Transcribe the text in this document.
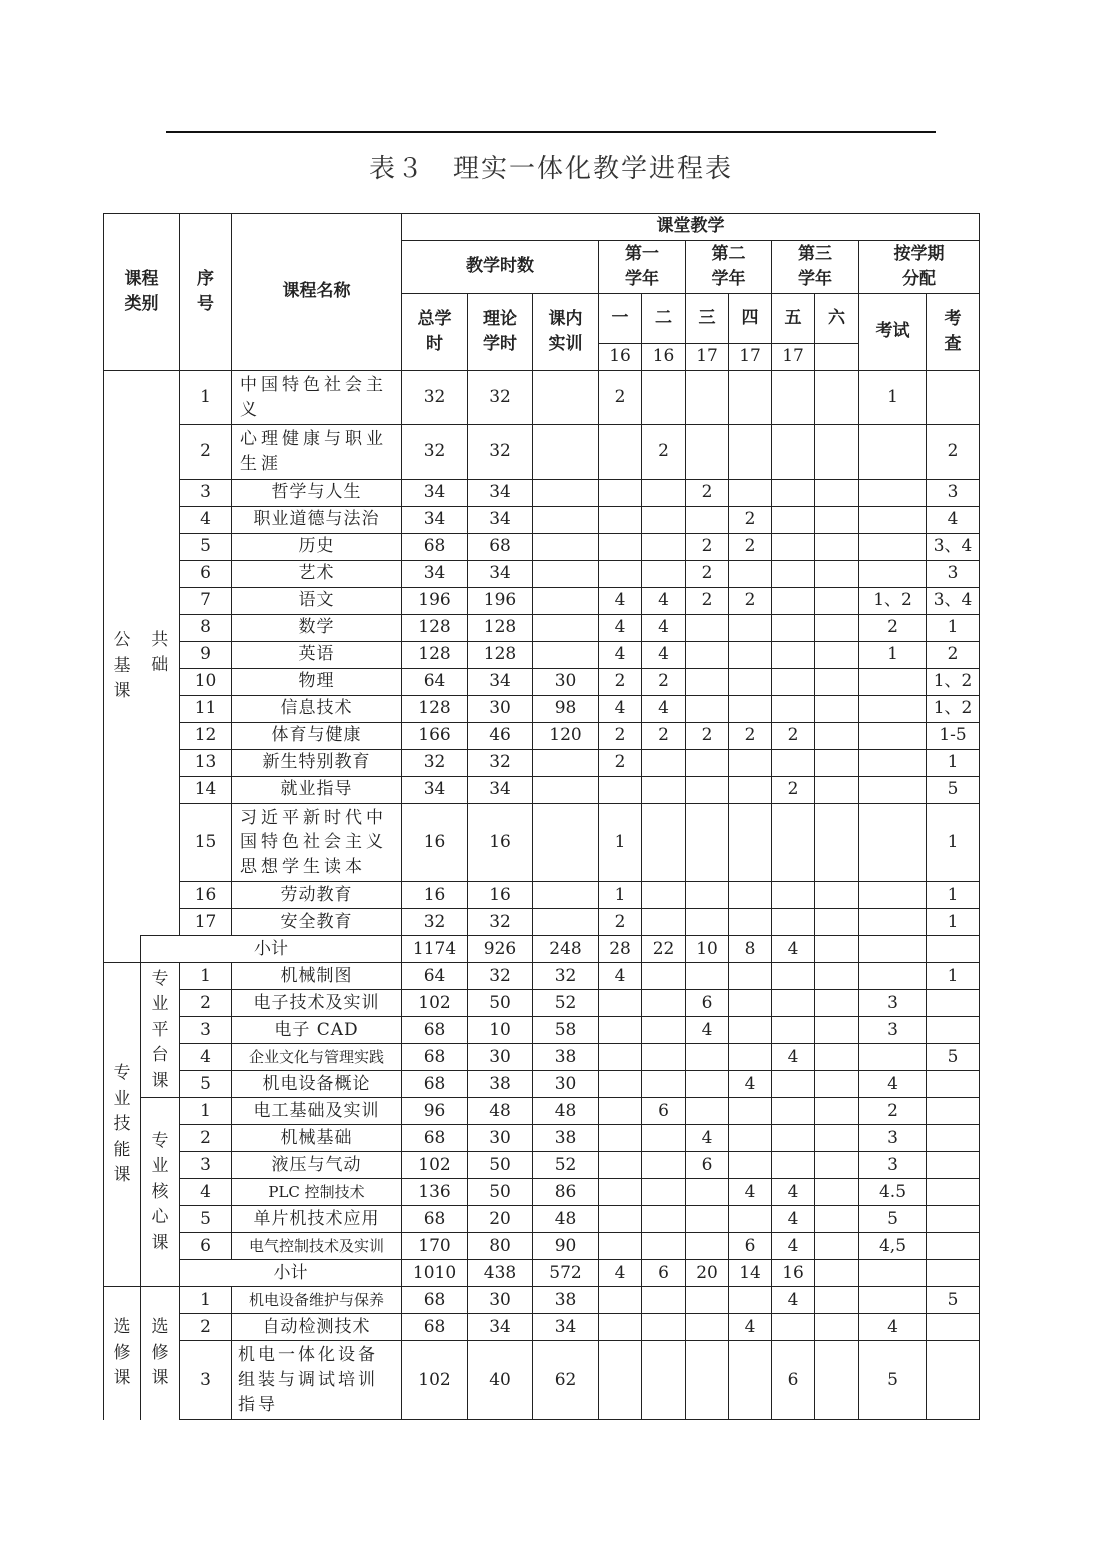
表３　理实一体化教学进程表
课程类别		序号	课程名称	课堂教学										
				教学时数			第一学年		第二学年		第三学年		按学期分配	
				总学时	理论学时	课内实训	一	二	三	四	五	六	考试	考查
							16	16	17	17	17			
公基课	共础	1	中国特色社会主义	32	32		2						1	
		2	心理健康与职业生涯	32	32			2						2
		3	哲学与人生	34	34				2					3
		4	职业道德与法治	34	34					2				4
		5	历史	68	68				2	2				3、4
		6	艺术	34	34				2					3
		7	语文	196	196		4	4	2	2			1、2	3、4
		8	数学	128	128		4	4					2	1
		9	英语	128	128		4	4					1	2
		10	物理	64	34	30	2	2						1、2
		11	信息技术	128	30	98	4	4						1、2
		12	体育与健康	166	46	120	2	2	2	2	2			1-5
		13	新生特别教育	32	32		2							1
		14	就业指导	34	34						2			5
		15	习近平新时代中国特色社会主义思想学生读本	16	16		1							1
		16	劳动教育	16	16		1							1
		17	安全教育	32	32		2							1
	小计			1174	926	248	28	22	10	8	4			
专业技能课	专业平台课	1	机械制图	64	32	32	4							1
		2	电子技术及实训	102	50	52			6				3	
		3	电子 CAD	68	10	58			4				3	
		4	企业文化与管理实践	68	30	38					4			5
		5	机电设备概论	68	38	30				4			4	
	专业核心课	1	电工基础及实训	96	48	48		6					2	
		2	机械基础	68	30	38			4				3	
		3	液压与气动	102	50	52			6				3	
		4	PLC 控制技术	136	50	86				4	4		4.5	
		5	单片机技术应用	68	20	48					4		5	
		6	电气控制技术及实训	170	80	90				6	4		4,5	
		小计		1010	438	572	4	6	20	14	16			
选修课	选修课	1	机电设备维护与保养	68	30	38					4			5
		2	自动检测技术	68	34	34				4			4	
		3	机电一体化设备组装与调试培训指导	102	40	62					6		5	
